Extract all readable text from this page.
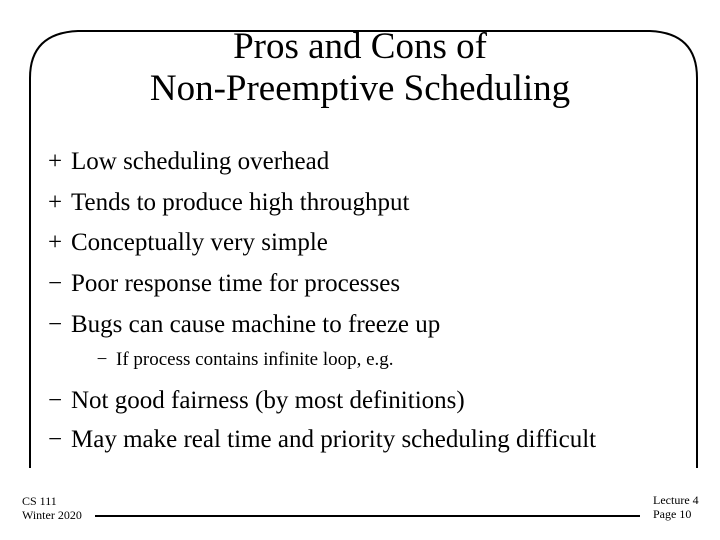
Pros and Cons of
Non-Preemptive Scheduling
+ Low scheduling overhead
+ Tends to produce high throughput
+ Conceptually very simple
− Poor response time for processes
− Bugs can cause machine to freeze up
− If process contains infinite loop, e.g.
− Not good fairness (by most definitions)
− May make real time and priority scheduling difficult
CS 111
Winter 2020
Lecture 4
Page 10
